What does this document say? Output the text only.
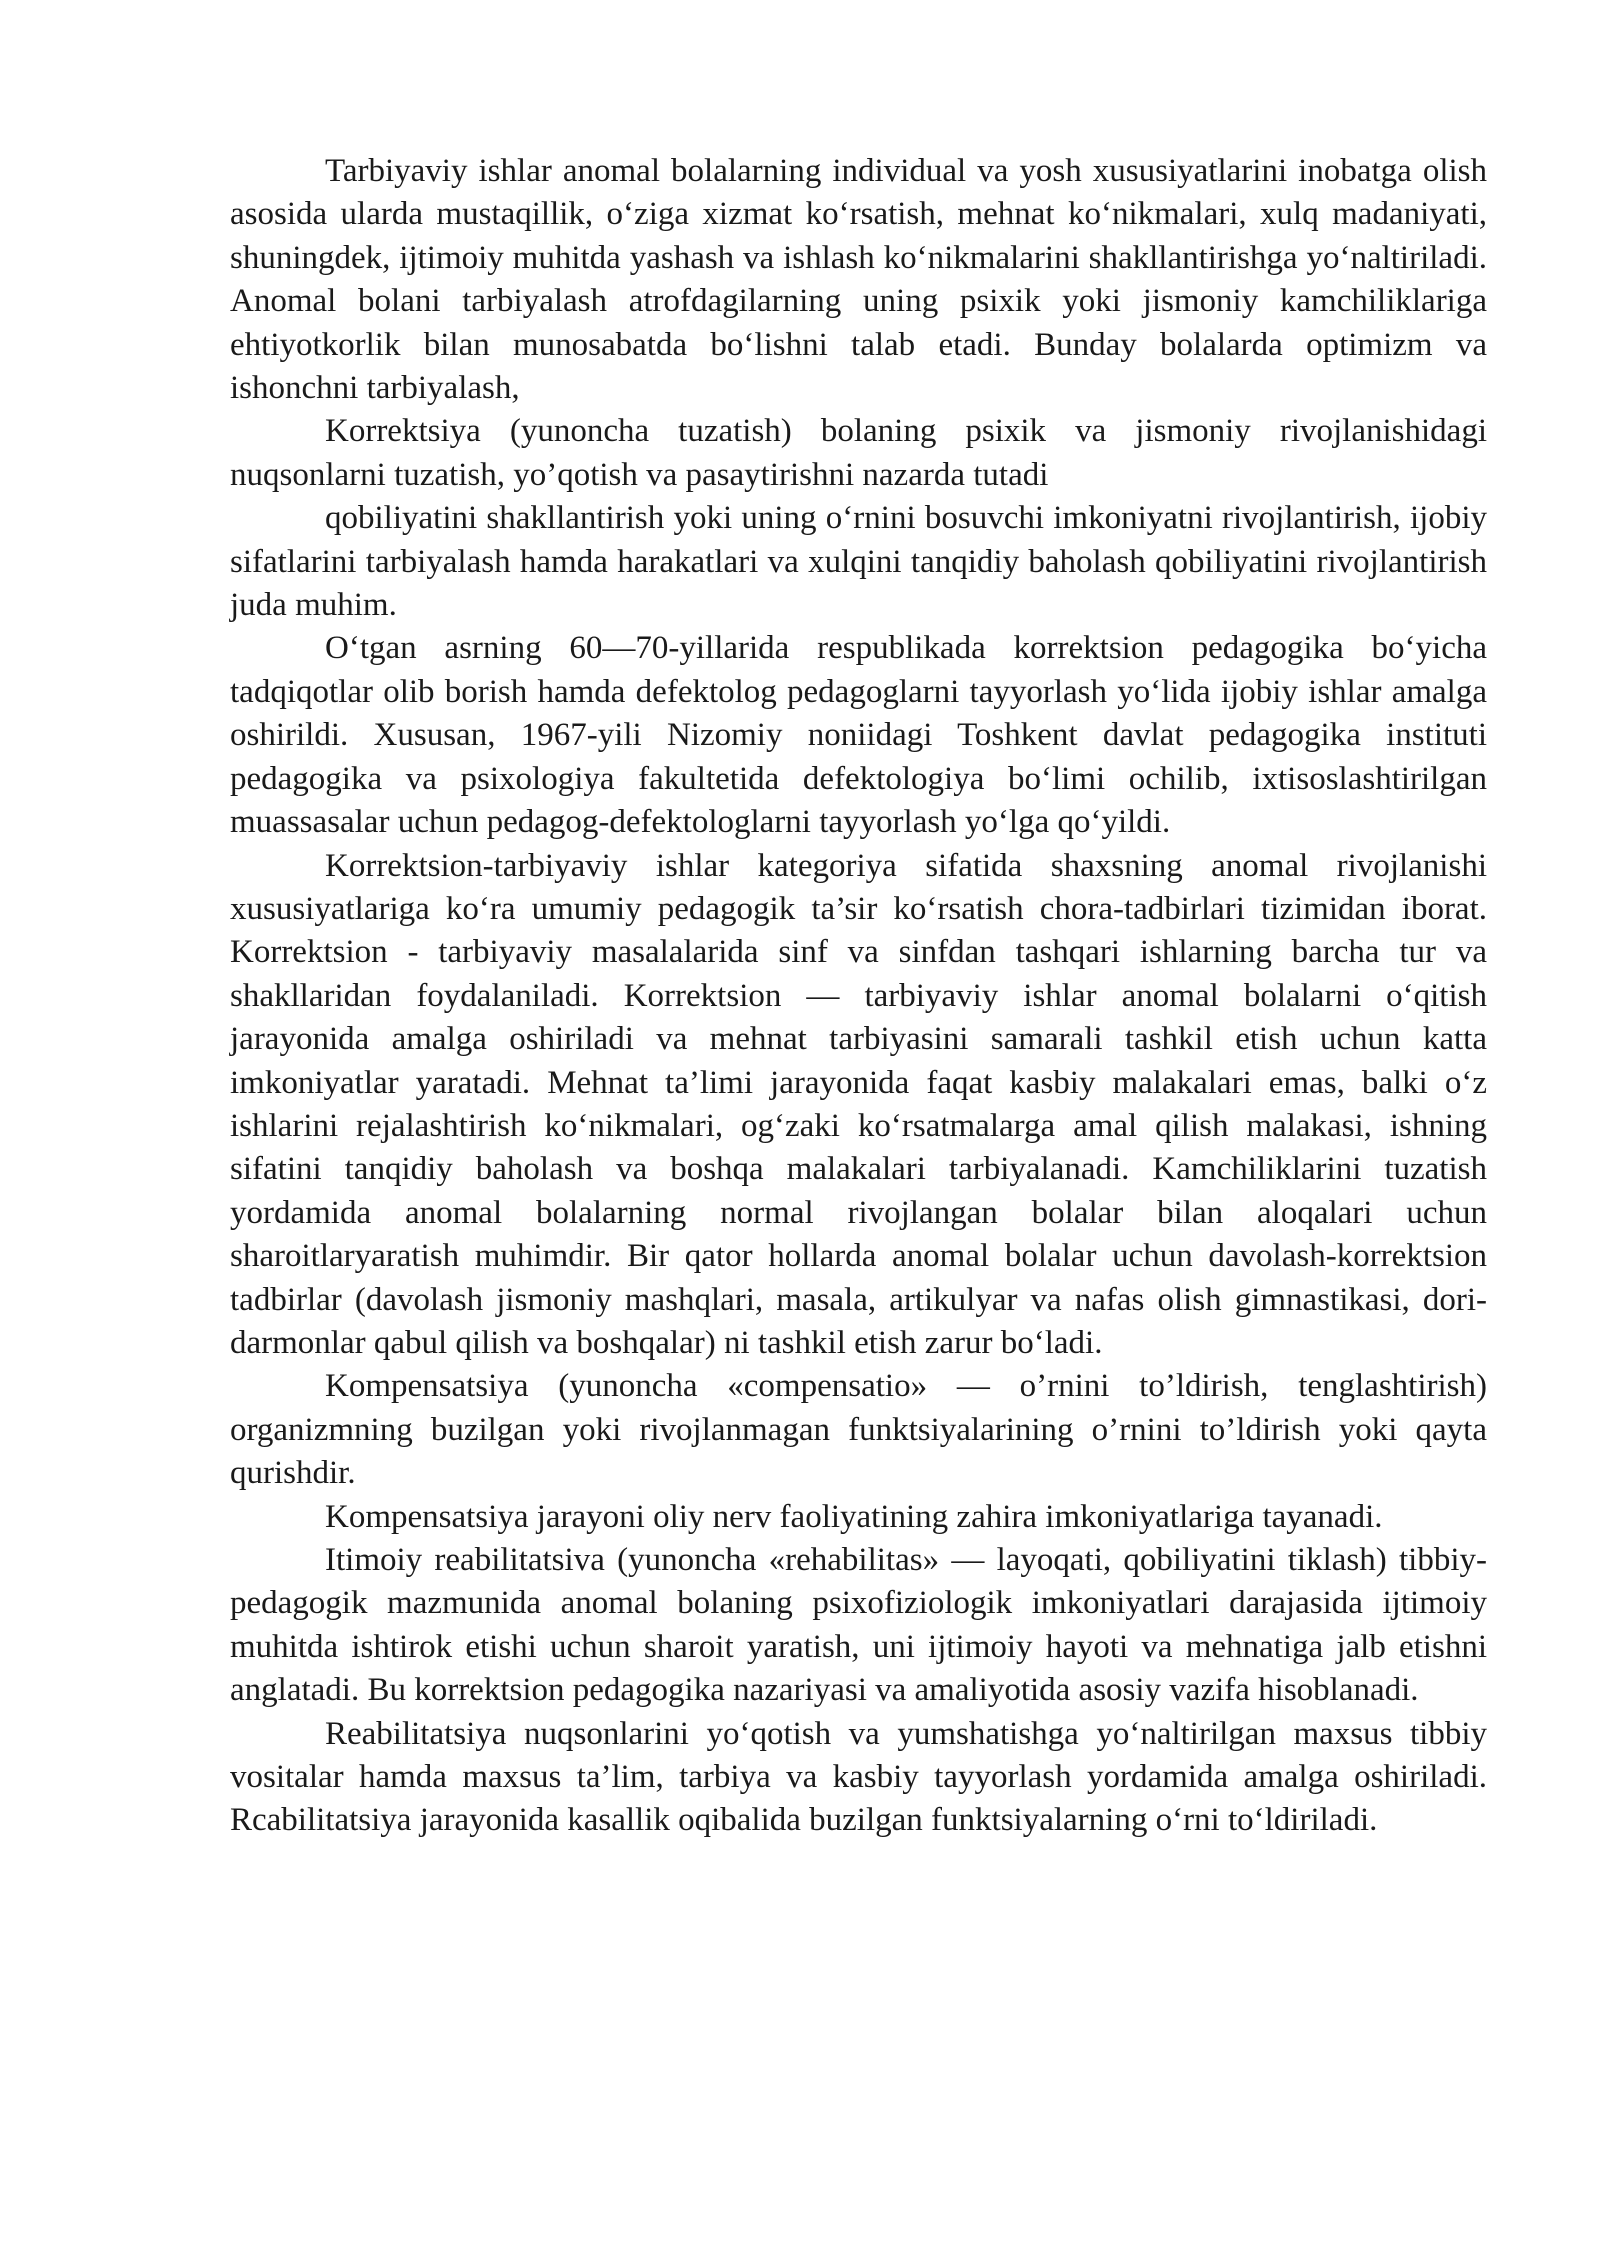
Tarbiyaviy ishlar anomal bolalarning individual va yosh xususiyatlarini inobatga olish asosida ularda mustaqillik, o‘ziga xizmat ko‘rsatish, mehnat ko‘nikmalari, xulq madaniyati, shuningdek, ijtimoiy muhitda yashash va ishlash ko‘nikmalarini shakllantirishga yo‘naltiriladi. Anomal bolani tarbiyalash atrofdagilarning uning psixik yoki jismoniy kamchiliklariga ehtiyotkorlik bilan munosabatda bo‘lishni talab etadi. Bunday bolalarda optimizm va ishonchni tarbiyalash,

Korrektsiya (yunoncha tuzatish) bolaning psixik va jismoniy rivojlanishidagi nuqsonlarni tuzatish, yo’qotish va pasaytirishni nazarda tutadi

qobiliyatini shakllantirish yoki uning o‘rnini bosuvchi imkoniyatni rivojlantirish, ijobiy sifatlarini tarbiyalash hamda harakatlari va xulqini tanqidiy baholash qobiliyatini rivojlantirish juda muhim.

O‘tgan asrning 60—70-yillarida respublikada korrektsion pedagogika bo‘yicha tadqiqotlar olib borish hamda defektolog pedagoglarni tayyorlash yo‘lida ijobiy ishlar amalga oshirildi. Xususan, 1967-yili Nizomiy noniidagi Toshkent davlat pedagogika instituti pedagogika va psixologiya fakultetida defektologiya bo‘limi ochilib, ixtisoslashtirilgan muassasalar uchun pedagog-defektologlarni tayyorlash yo‘lga qo‘yildi.

Korrektsion-tarbiyaviy ishlar kategoriya sifatida shaxsning anomal rivojlanishi xususiyatlariga ko‘ra umumiy pedagogik ta’sir ko‘rsatish chora-tadbirlari tizimidan iborat. Korrektsion - tarbiyaviy masalalarida sinf va sinfdan tashqari ishlarning barcha tur va shakllaridan foydalaniladi. Korrektsion — tarbiyaviy ishlar anomal bolalarni o‘qitish jarayonida amalga oshiriladi va mehnat tarbiyasini samarali tashkil etish uchun katta imkoniyatlar yaratadi. Mehnat ta’limi jarayonida faqat kasbiy malakalari emas, balki o‘z ishlarini rejalashtirish ko‘nikmalari, og‘zaki ko‘rsatmalarga amal qilish malakasi, ishning sifatini tanqidiy baholash va boshqa malakalari tarbiyalanadi. Kamchiliklarini tuzatish yordamida anomal bolalarning normal rivojlangan bolalar bilan aloqalari uchun sharoitlaryaratish muhimdir. Bir qator hollarda anomal bolalar uchun davolash-korrektsion tadbirlar (davolash jismoniy mashqlari, masala, artikulyar va nafas olish gimnastikasi, dori-darmonlar qabul qilish va boshqalar) ni tashkil etish zarur bo‘ladi.

Kompensatsiya (yunoncha «compensatio» — o’rnini to’ldirish, tenglashtirish) organizmning buzilgan yoki rivojlanmagan funktsiyalarining o’rnini to’ldirish yoki qayta qurishdir.

Kompensatsiya jarayoni oliy nerv faoliyatining zahira imkoniyatlariga tayanadi.

Itimoiy reabilitatsiva (yunoncha «rehabilitas» — layoqati, qobiliyatini tiklash) tibbiy-pedagogik mazmunida anomal bolaning psixofiziologik imkoniyatlari darajasida ijtimoiy muhitda ishtirok etishi uchun sharoit yaratish, uni ijtimoiy hayoti va mehnatiga jalb etishni anglatadi. Bu korrektsion pedagogika nazariyasi va amaliyotida asosiy vazifa hisoblanadi.

Reabilitatsiya nuqsonlarini yo‘qotish va yumshatishga yo‘naltirilgan maxsus tibbiy vositalar hamda maxsus ta’lim, tarbiya va kasbiy tayyorlash yordamida amalga oshiriladi. Rcabilitatsiya jarayonida kasallik oqibalida buzilgan funktsiyalarning o‘rni to‘ldiriladi.
